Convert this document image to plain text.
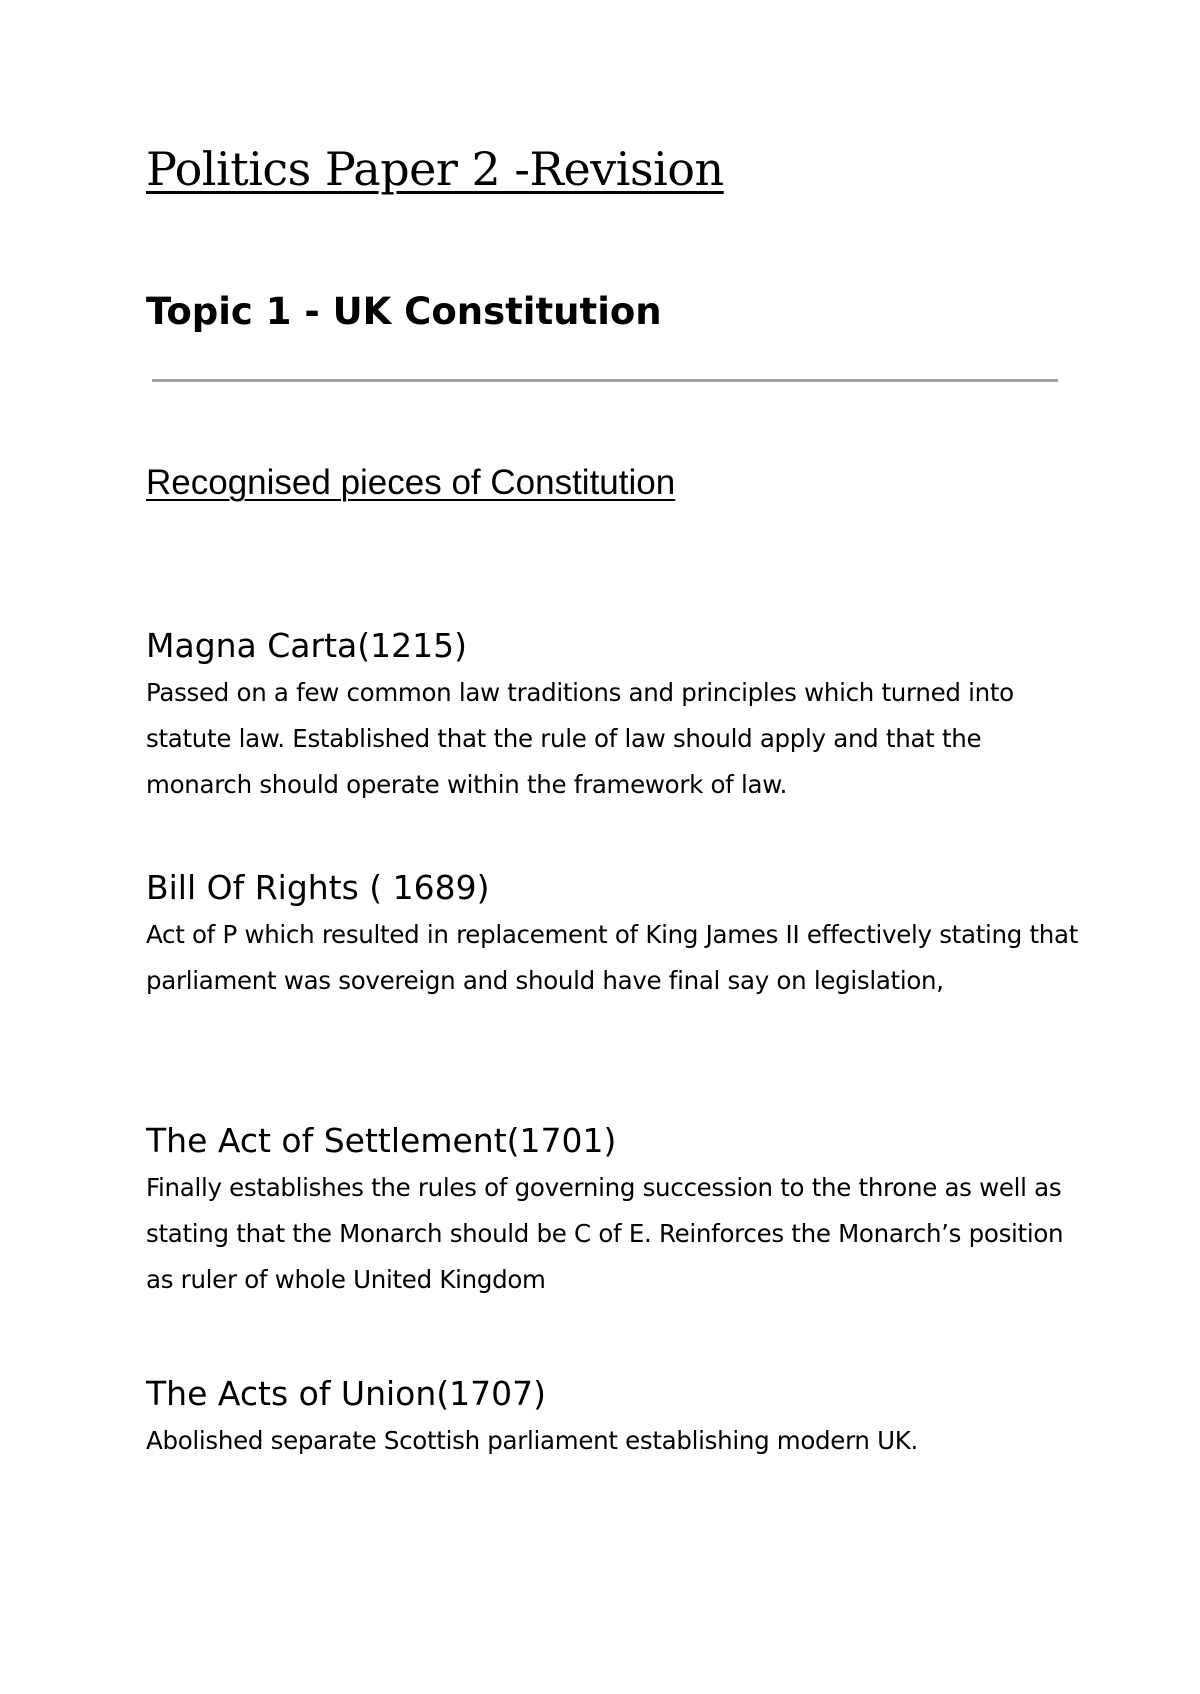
Politics Paper 2 -Revision
Topic 1 - UK Constitution
Recognised pieces of Constitution
Magna Carta(1215)

Passed on a few common law traditions and principles which turned into statute law. Established that the rule of law should apply and that the monarch should operate within the framework of law.

Bill Of Rights ( 1689)

Act of P which resulted in replacement of King James II effectively stating that parliament was sovereign and should have final say on legislation,

The Act of Settlement(1701)

Finally establishes the rules of governing succession to the throne as well as stating that the Monarch should be C of E. Reinforces the Monarch’s position as ruler of whole United Kingdom

The Acts of Union(1707)

Abolished separate Scottish parliament establishing modern UK.
